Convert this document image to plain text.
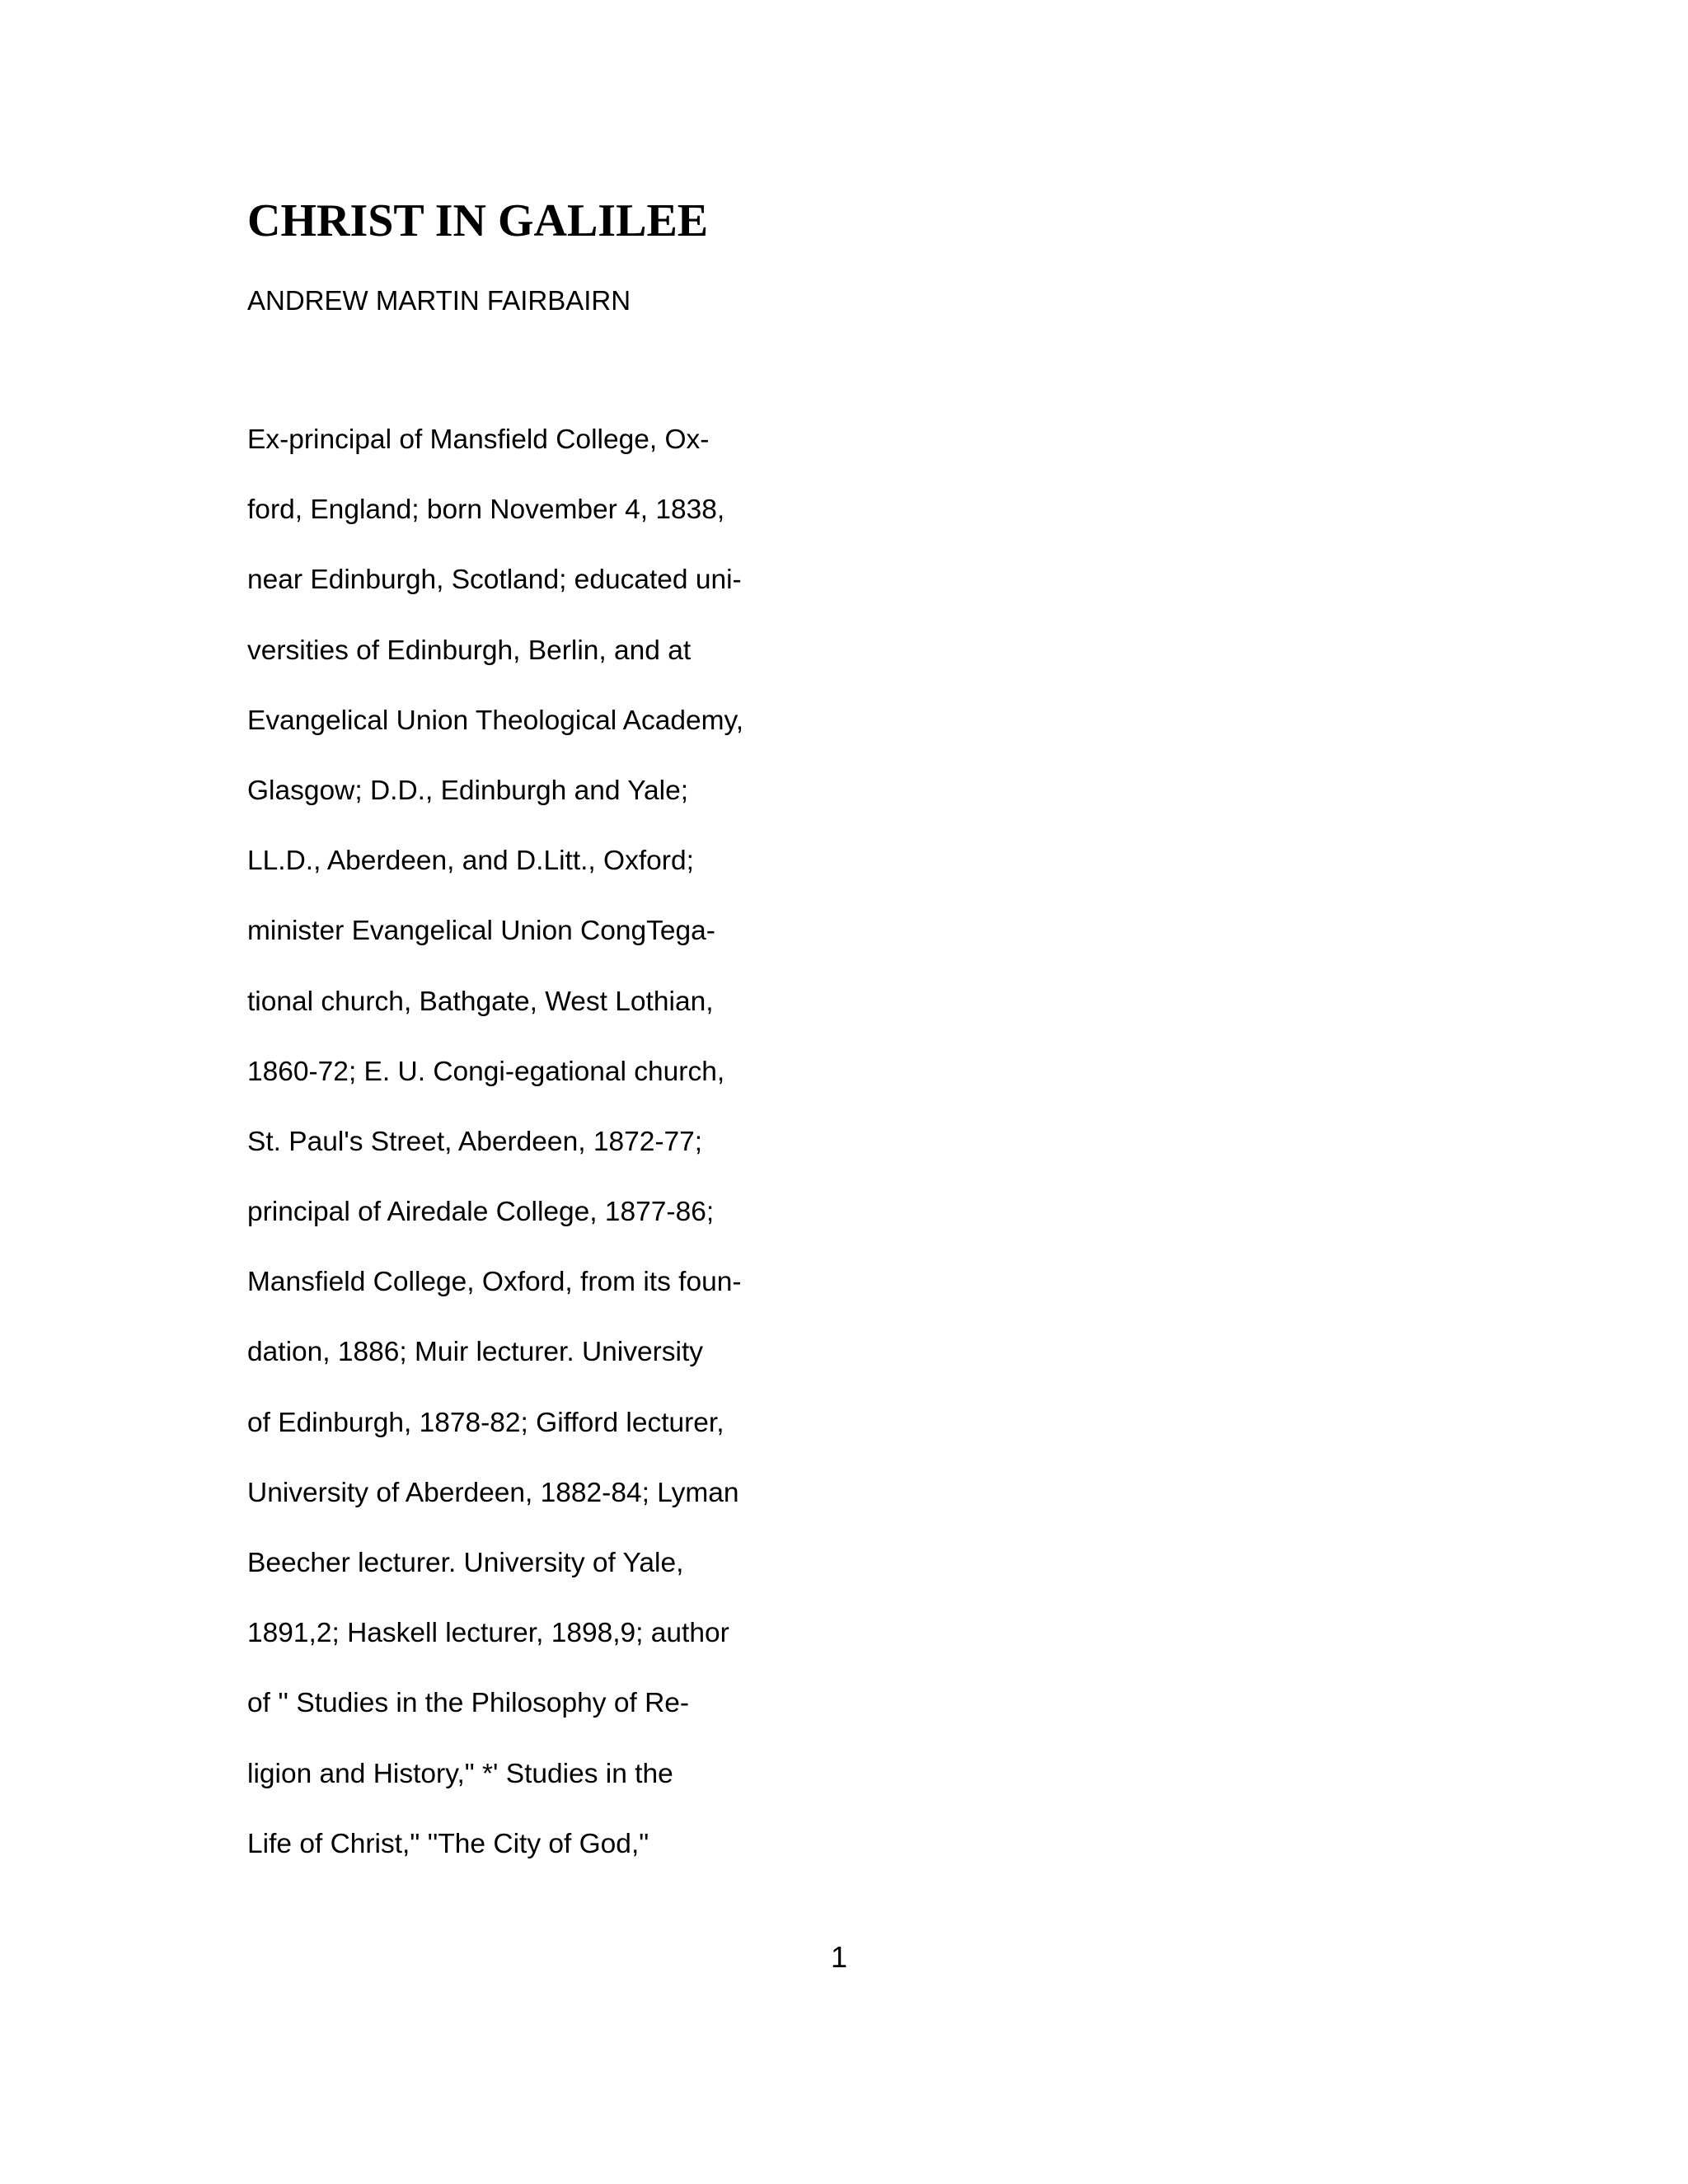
CHRIST IN GALILEE
ANDREW MARTIN FAIRBAIRN
Ex-principal of Mansfield College, Ox-
ford, England; born November 4, 1838,
near Edinburgh, Scotland; educated uni-
versities of Edinburgh, Berlin, and at
Evangelical Union Theological Academy,
Glasgow; D.D., Edinburgh and Yale;
LL.D., Aberdeen, and D.Litt., Oxford;
minister Evangelical Union CongTega-
tional church, Bathgate, West Lothian,
1860-72; E. U. Congi-egational church,
St. Paul's Street, Aberdeen, 1872-77;
principal of Airedale College, 1877-86;
Mansfield College, Oxford, from its foun-
dation, 1886; Muir lecturer. University
of Edinburgh, 1878-82; Gifford lecturer,
University of Aberdeen, 1882-84; Lyman
Beecher lecturer. University of Yale,
1891,2; Haskell lecturer, 1898,9; author
of '' Studies in the Philosophy of Re-
ligion and History," *' Studies in the
Life of Christ," ''The City of God,"
1
